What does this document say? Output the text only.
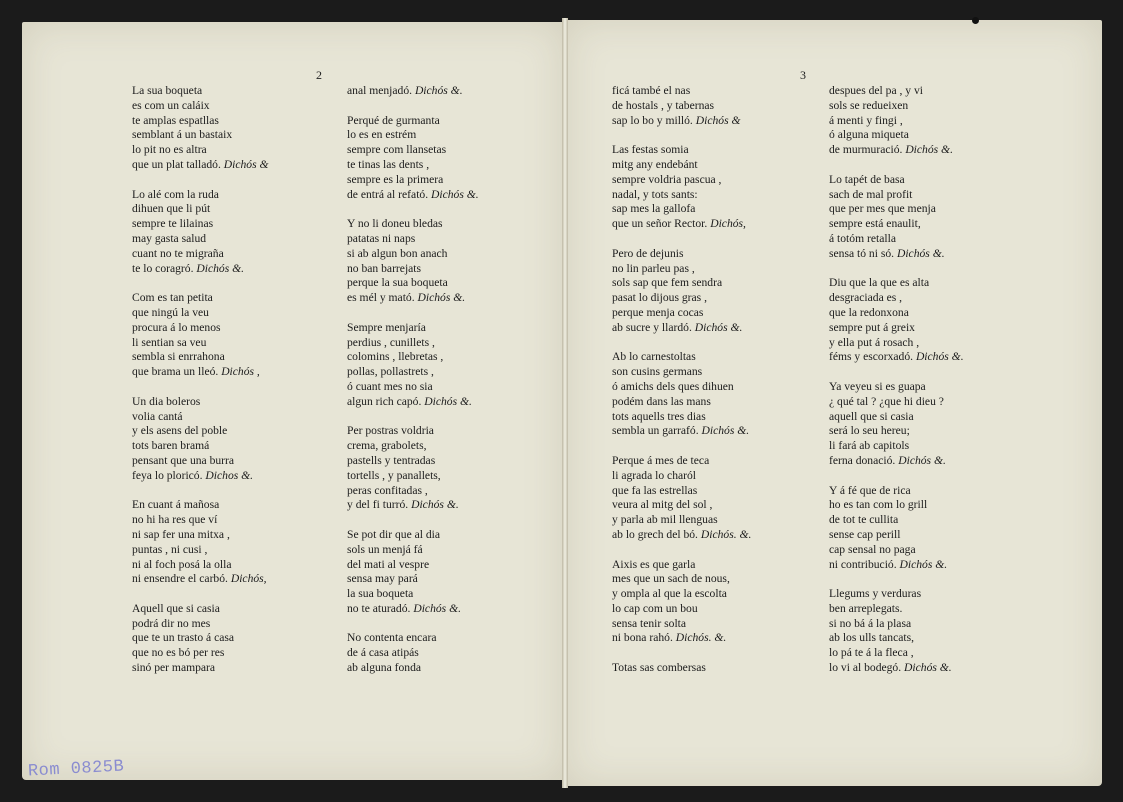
2	3
La sua boqueta
es com un caláix
te amplas espatllas
semblant á un bastaix
lo pit no es altra
que un plat talladó. Dichós &
Lo alé com la ruda
dihuen que li pút
sempre te lilainas
may gasta salud
cuant no te migraña
te lo coragró. Dichós &.
Com es tan petita
que ningú la veu
procura á lo menos
li sentian sa veu
sembla si enrrahona
que brama un lleó. Dichós ,
Un dia boleros
volia cantá
y els asens del poble
tots baren bramá
pensant que una burra
feya lo ploricó. Dichos &.
En cuant á mañosa
no hi ha res que ví
ni sap fer una mitxa ,
puntas , ni cusi ,
ni al foch posá la olla
ni ensendre el carbó. Dichós,
Aquell que si casia
podrá dir no mes
que te un trasto á casa
que no es bó per res
sinó per mampara
anal menjadó. Dichós &.
Perqué de gurmanta
lo es en estrém
sempre com llansetas
te tinas las dents ,
sempre es la primera
de entrá al refató. Dichós &.
Y no li doneu bledas
patatas ni naps
si ab algun bon anach
no ban barrejats
perque la sua boqueta
es mél y mató. Dichós &.
Sempre menjaría
perdius , cunillets ,
colomins , llebretas ,
pollas, pollastrets ,
ó cuant mes no sia
algun rich capó. Dichós &.
Per postras voldria
crema, grabolets,
pastells y tentradas
tortells , y panallets,
peras confitadas ,
y del fi turró. Dichós &.
Se pot dir que al dia
sols un menjá fá
del mati al vespre
sensa may pará
la sua boqueta
no te aturadó. Dichós &.
No contenta encara
de á casa atipás
ab alguna fonda
ficá també el nas
de hostals , y tabernas
sap lo bo y milló. Dichós &
Las festas somia
mitg any endebánt
sempre voldria pascua ,
nadal, y tots sants:
sap mes la gallofa
que un señor Rector. Dichós,
Pero de dejunis
no lin parleu pas ,
sols sap que fem sendra
pasat lo dijous gras ,
perque menja cocas
ab sucre y llardó. Dichós &.
Ab lo carnestoltas
son cusins germans
ó amichs dels ques dihuen
podém dans las mans
tots aquells tres dias
sembla un garrafó. Dichós &.
Perque á mes de teca
li agrada lo charól
que fa las estrellas
veura al mitg del sol ,
y parla ab mil llenguas
ab lo grech del bó. Dichós. &.
Aixis es que garla
mes que un sach de nous,
y ompla al que la escolta
lo cap com un bou
sensa tenir solta
ni bona rahó. Dichós. &.
Totas sas combersas
despues del pa , y vi
sols se redueixen
á menti y fingi ,
ó alguna miqueta
de murmuració. Dichós &.
Lo tapét de basa
sach de mal profit
que per mes que menja
sempre está enaulit,
á totóm retalla
sensa tó ni só. Dichós &.
Diu que la que es alta
desgraciada es ,
que la redonxona
sempre put á greix
y ella put á rosach ,
féms y escorxadó. Dichós &.
Ya veyeu si es guapa
¿ qué tal ? ¿que hi dieu ?
aquell que si casia
será lo seu hereu;
li fará ab capitols
ferna donació. Dichós &.
Y á fé que de rica
ho es tan com lo grill
de tot te cullita
sense cap perill
cap sensal no paga
ni contribució. Dichós &.
Llegums y verduras
ben arreplegats.
si no bá á la plasa
ab los ulls tancats,
lo pá te á la fleca ,
lo vi al bodegó. Dichós &.
Rom 0825B
